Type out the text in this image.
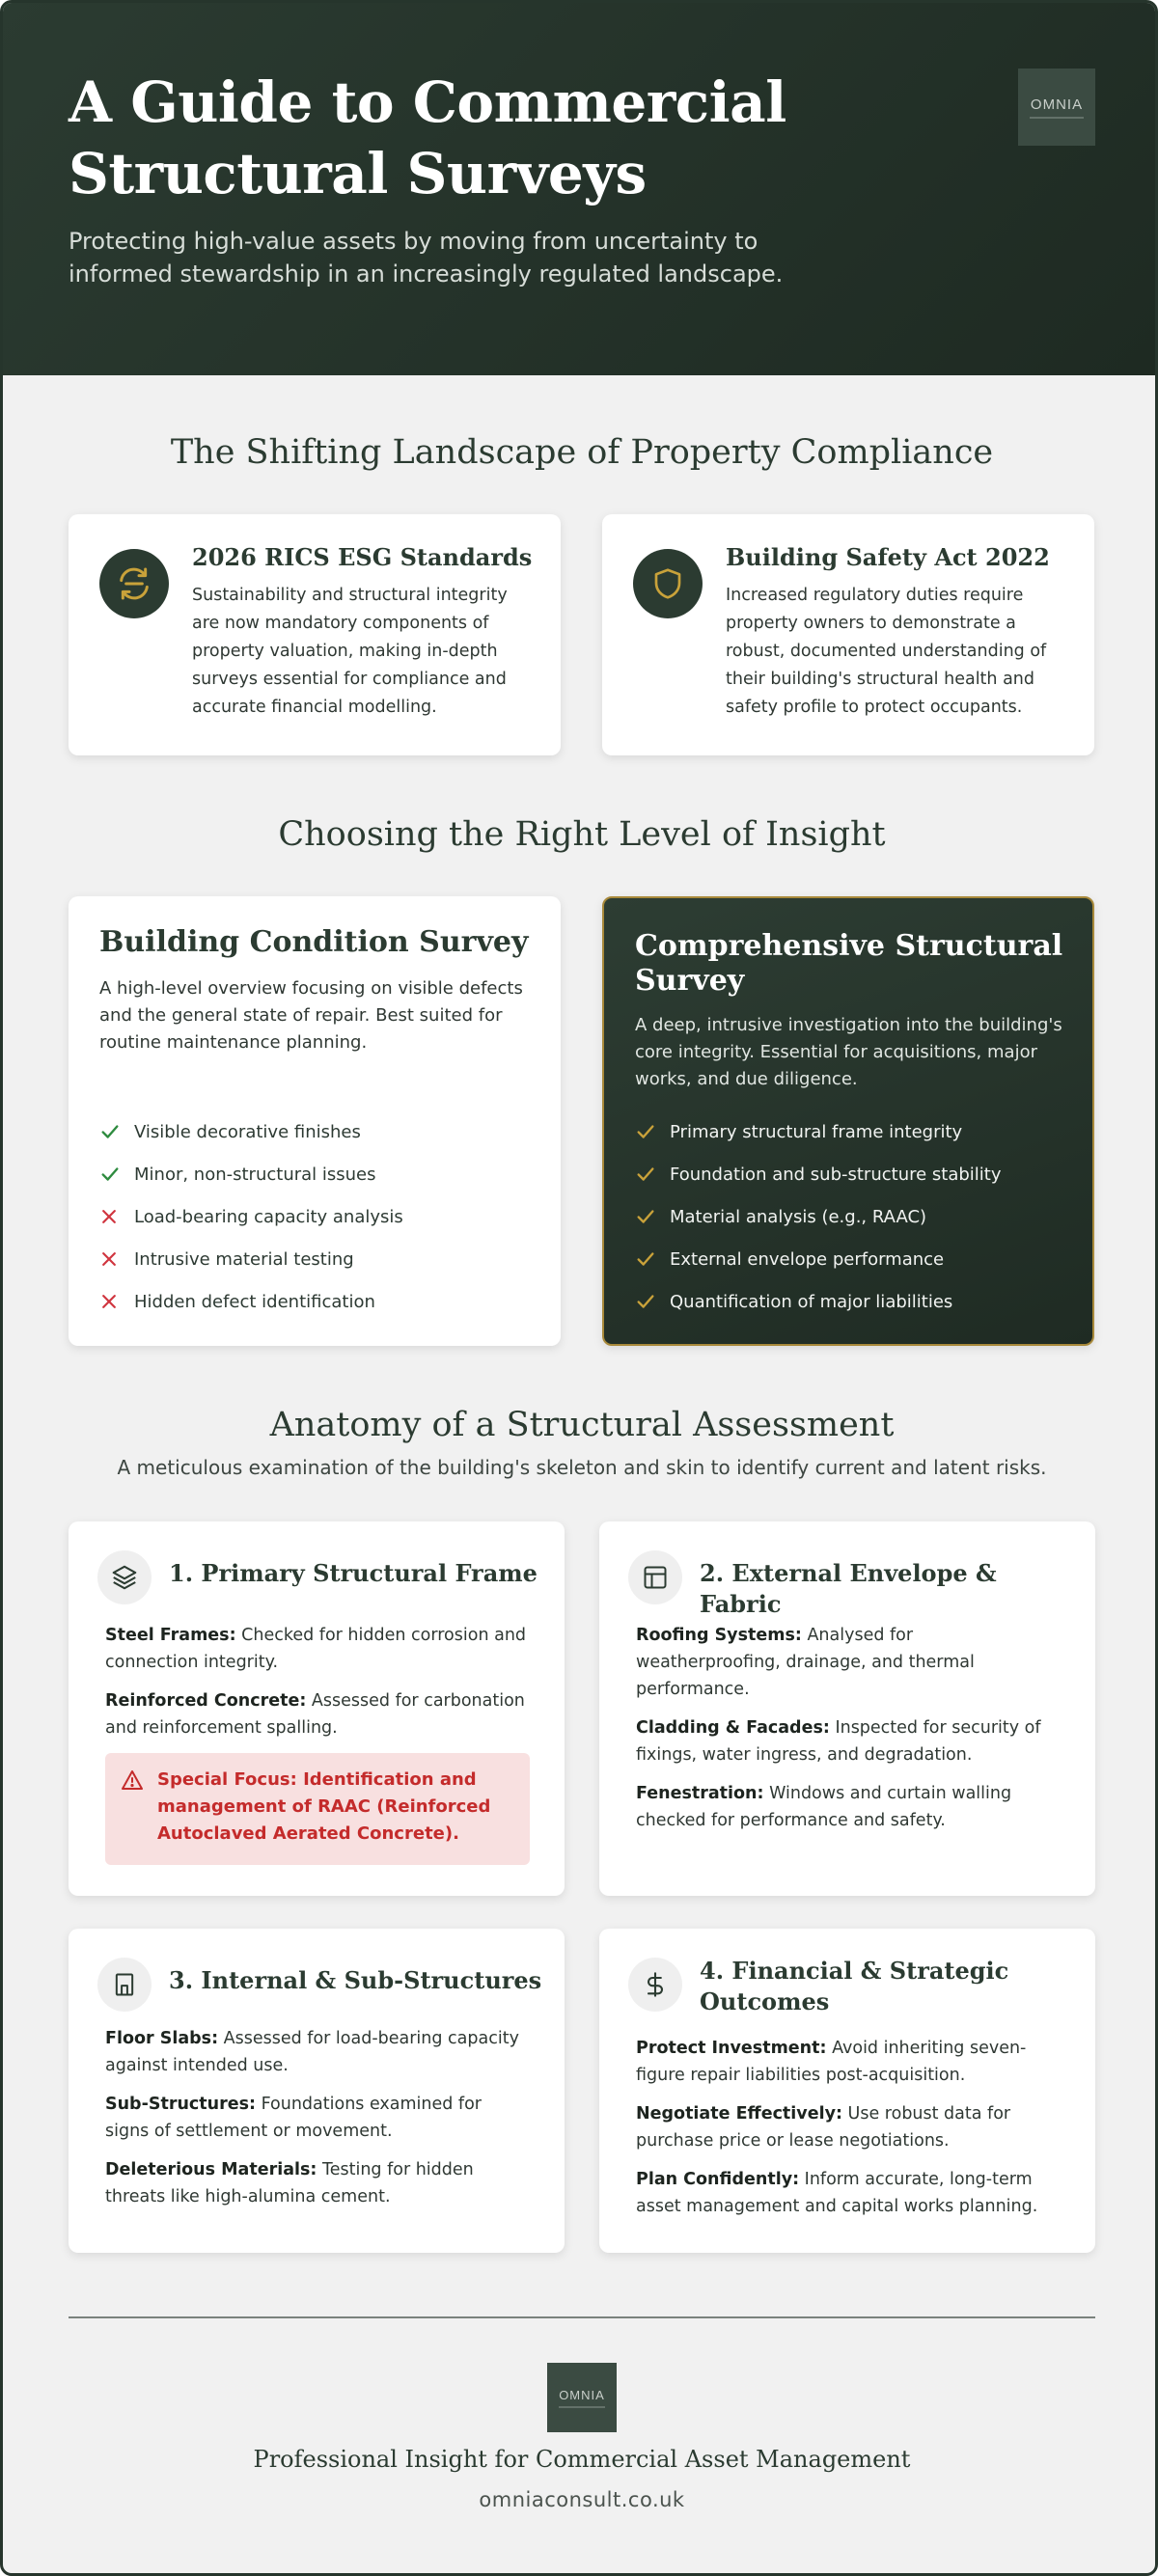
A Guide to Commercial Structural Surveys
Protecting high-value assets by moving from uncertainty to informed stewardship in an increasingly regulated landscape.
OMNIA
The Shifting Landscape of Property Compliance
2026 RICS ESG Standards
Sustainability and structural integrity are now mandatory components of property valuation, making in-depth surveys essential for compliance and accurate financial modelling.
Building Safety Act 2022
Increased regulatory duties require property owners to demonstrate a robust, documented understanding of their building's structural health and safety profile to protect occupants.
Choosing the Right Level of Insight
Building Condition Survey
A high-level overview focusing on visible defects and the general state of repair. Best suited for routine maintenance planning.
Visible decorative finishes
Minor, non-structural issues
Load-bearing capacity analysis
Intrusive material testing
Hidden defect identification
Comprehensive Structural Survey
A deep, intrusive investigation into the building's core integrity. Essential for acquisitions, major works, and due diligence.
Primary structural frame integrity
Foundation and sub-structure stability
Material analysis (e.g., RAAC)
External envelope performance
Quantification of major liabilities
Anatomy of a Structural Assessment
A meticulous examination of the building's skeleton and skin to identify current and latent risks.
1. Primary Structural Frame
Steel Frames: Checked for hidden corrosion and connection integrity.
Reinforced Concrete: Assessed for carbonation and reinforcement spalling.
Special Focus: Identification and management of RAAC (Reinforced Autoclaved Aerated Concrete).
2. External Envelope & Fabric
Roofing Systems: Analysed for weatherproofing, drainage, and thermal performance.
Cladding & Facades: Inspected for security of fixings, water ingress, and degradation.
Fenestration: Windows and curtain walling checked for performance and safety.
3. Internal & Sub-Structures
Floor Slabs: Assessed for load-bearing capacity against intended use.
Sub-Structures: Foundations examined for signs of settlement or movement.
Deleterious Materials: Testing for hidden threats like high-alumina cement.
4. Financial & Strategic Outcomes
Protect Investment: Avoid inheriting seven-figure repair liabilities post-acquisition.
Negotiate Effectively: Use robust data for purchase price or lease negotiations.
Plan Confidently: Inform accurate, long-term asset management and capital works planning.
OMNIA
Professional Insight for Commercial Asset Management
omniaconsult.co.uk
